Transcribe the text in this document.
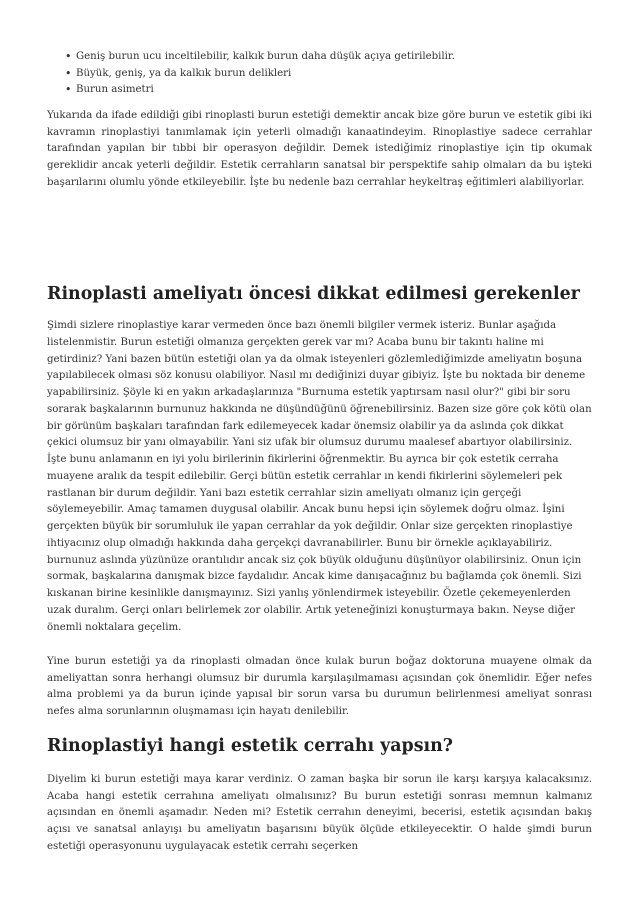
• Geniş burun ucu inceltilebilir, kalkık burun daha düşük açıya getirilebilir.
• Büyük, geniş, ya da kalkık burun delikleri
• Burun asimetri

Yukarıda da ifade edildiği gibi rinoplasti burun estetiği demektir ancak bize göre burun ve estetik gibi iki kavramın rinoplastiyi tanımlamak için yeterli olmadığı kanaatindeyim. Rinoplastiye sadece cerrahlar tarafından yapılan bir tıbbi bir operasyon değildir. Demek istediğimiz rinoplastiye için tip okumak gereklidir ancak yeterli değildir. Estetik cerrahların sanatsal bir perspektife sahip olmaları da bu işteki başarılarını olumlu yönde etkileyebilir. İşte bu nedenle bazı cerrahlar heykeltraş eğitimleri alabiliyorlar.

Rinoplasti ameliyatı öncesi dikkat edilmesi gerekenler

Şimdi sizlere rinoplastiye karar vermeden önce bazı önemli bilgiler vermek isteriz. Bunlar aşağıda listelenmistir. Burun estetiği olmanıza gerçekten gerek var mı? Acaba bunu bir takıntı haline mi getirdiniz? Yani bazen bütün estetiği olan ya da olmak isteyenleri gözlemlediğimizde ameliyatın boşuna yapılabilecek olması söz konusu olabiliyor. Nasıl mı dediğinizi duyar gibiyiz. İşte bu noktada bir deneme yapabilirsiniz. Şöyle ki en yakın arkadaşlarınıza "Burnuma estetik yaptırsam nasıl olur?" gibi bir soru sorarak başkalarının burnunuz hakkında ne düşündüğünü öğrenebilirsiniz. Bazen size göre çok kötü olan bir görünüm başkaları tarafından fark edilemeyecek kadar önemsiz olabilir ya da aslında çok dikkat çekici olumsuz bir yanı olmayabilir. Yani siz ufak bir olumsuz durumu maalesef abartıyor olabilirsiniz. İşte bunu anlamanın en iyi yolu birilerinin fikirlerini öğrenmektir. Bu ayrıca bir çok estetik cerraha muayene aralık da tespit edilebilir. Gerçi bütün estetik cerrahlar ın kendi fikirlerini söylemeleri pek rastlanan bir durum değildir. Yani bazı estetik cerrahlar sizin ameliyatı olmanız için gerçeği söylemeyebilir. Amaç tamamen duygusal olabilir. Ancak bunu hepsi için söylemek doğru olmaz. İşini gerçekten büyük bir sorumluluk ile yapan cerrahlar da yok değildir. Onlar size gerçekten rinoplastiye ihtiyacınız olup olmadığı hakkında daha gerçekçi davranabilirler. Bunu bir örnekle açıklayabiliriz. burnunuz aslında yüzünüze orantılıdır ancak siz çok büyük olduğunu düşünüyor olabilirsiniz. Onun için sormak, başkalarına danışmak bizce faydalıdır. Ancak kime danışacağınız bu bağlamda çok önemli. Sizi kıskanan birine kesinlikle danışmayınız. Sizi yanlış yönlendirmek isteyebilir. Özetle çekemeyenlerden uzak duralım. Gerçi onları belirlemek zor olabilir. Artık yeteneğinizi konuşturmaya bakın. Neyse diğer önemli noktalara geçelim.

Yine burun estetiği ya da rinoplasti olmadan önce kulak burun boğaz doktoruna muayene olmak da ameliyattan sonra herhangi olumsuz bir durumla karşılaşılmaması açısından çok önemlidir. Eğer nefes alma problemi ya da burun içinde yapısal bir sorun varsa bu durumun belirlenmesi ameliyat sonrası nefes alma sorunlarının oluşmaması için hayatı denilebilir.

Rinoplastiyi hangi estetik cerrahı yapsın?

Diyelim ki burun estetiği maya karar verdiniz. O zaman başka bir sorun ile karşı karşıya kalacaksınız. Acaba hangi estetik cerrahına ameliyatı olmalısınız? Bu burun estetiği sonrası memnun kalmanız açısından en önemli aşamadır. Neden mi? Estetik cerrahın deneyimi, becerisi, estetik açısından bakış açısı ve sanatsal anlayışı bu ameliyatın başarısını büyük ölçüde etkileyecektir. O halde şimdi burun estetiği operasyonunu uygulayacak estetik cerrahı seçerken
